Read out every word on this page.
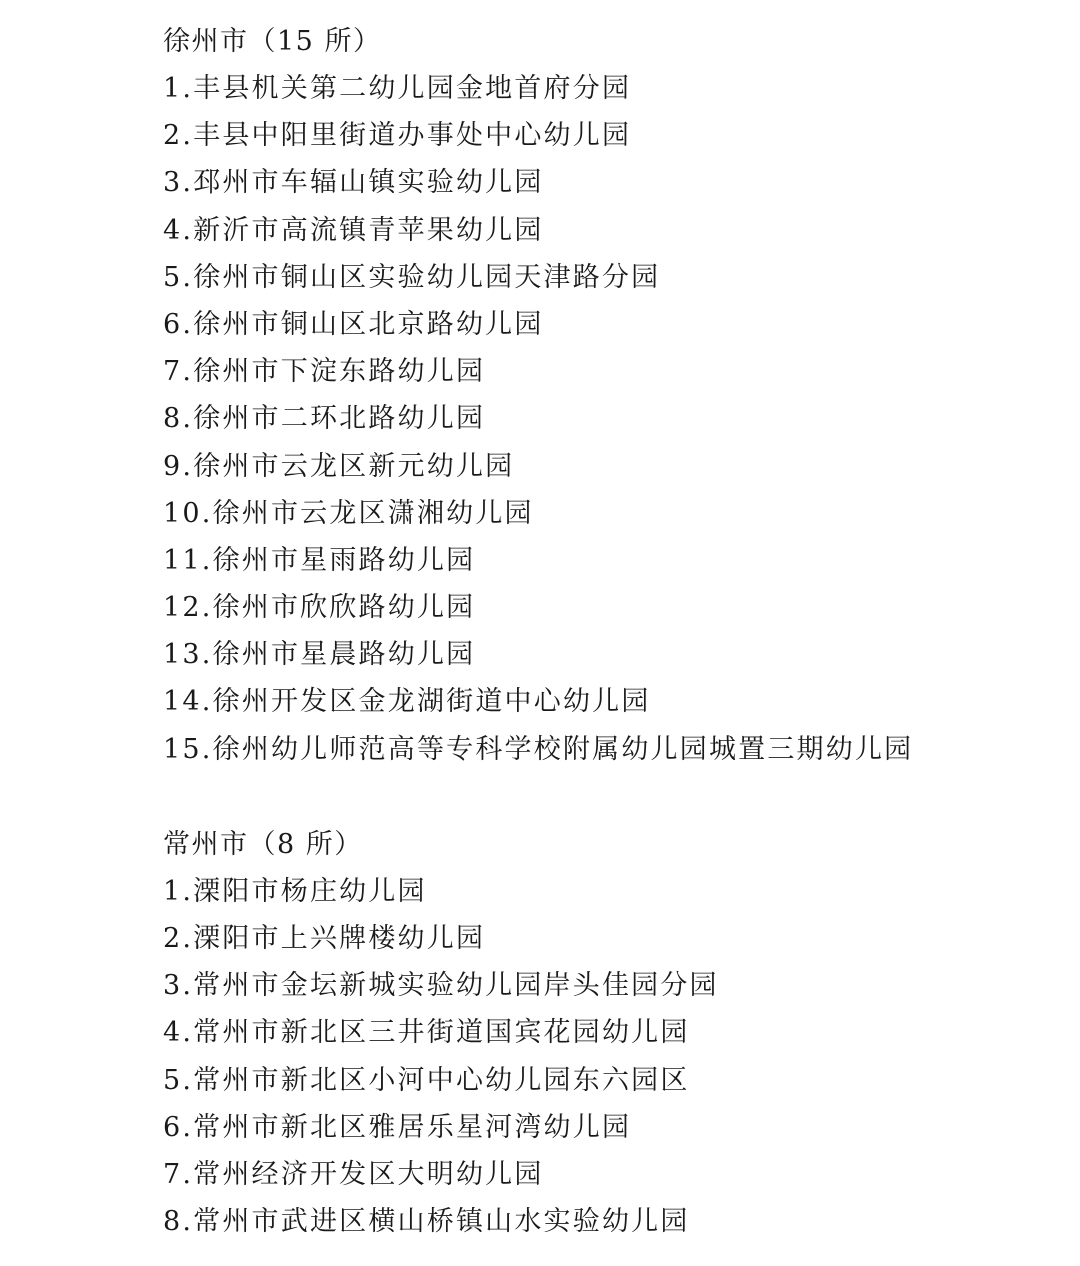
徐州市（15 所）
1.丰县机关第二幼儿园金地首府分园
2.丰县中阳里街道办事处中心幼儿园
3.邳州市车辐山镇实验幼儿园
4.新沂市高流镇青苹果幼儿园
5.徐州市铜山区实验幼儿园天津路分园
6.徐州市铜山区北京路幼儿园
7.徐州市下淀东路幼儿园
8.徐州市二环北路幼儿园
9.徐州市云龙区新元幼儿园
10.徐州市云龙区潇湘幼儿园
11.徐州市星雨路幼儿园
12.徐州市欣欣路幼儿园
13.徐州市星晨路幼儿园
14.徐州开发区金龙湖街道中心幼儿园
15.徐州幼儿师范高等专科学校附属幼儿园城置三期幼儿园
常州市（8 所）
1.溧阳市杨庄幼儿园
2.溧阳市上兴牌楼幼儿园
3.常州市金坛新城实验幼儿园岸头佳园分园
4.常州市新北区三井街道国宾花园幼儿园
5.常州市新北区小河中心幼儿园东六园区
6.常州市新北区雅居乐星河湾幼儿园
7.常州经济开发区大明幼儿园
8.常州市武进区横山桥镇山水实验幼儿园
